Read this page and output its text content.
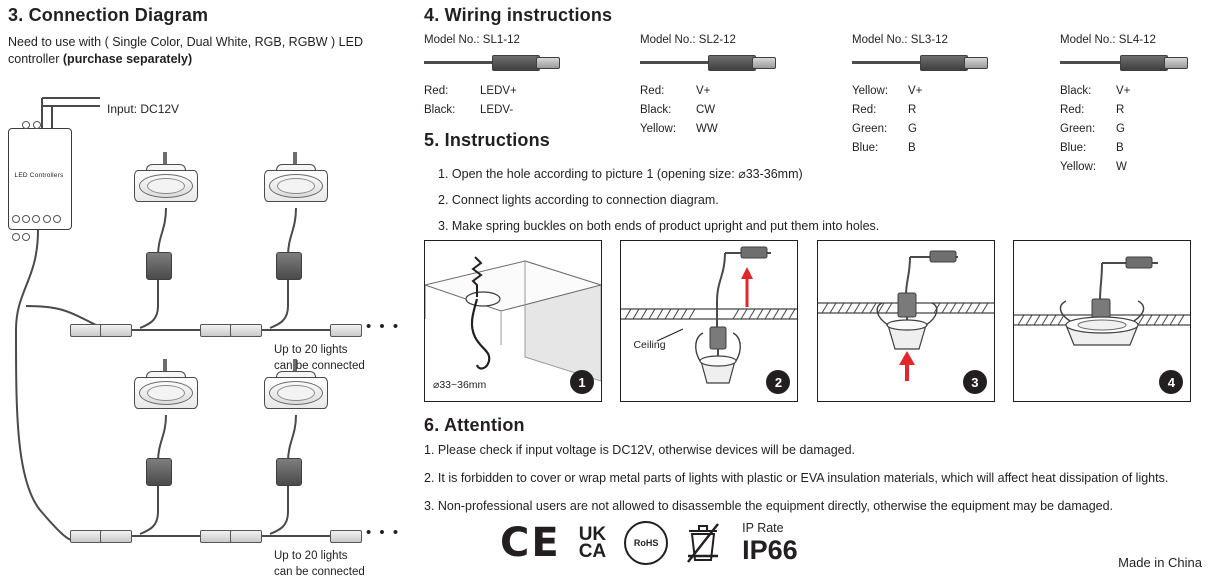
3. Connection Diagram
Need to use with ( Single Color, Dual White, RGB, RGBW ) LED controller (purchase separately)
LED Controllers
Input: DC12V
• • •
• • •
Up to 20 lights
can be connected
Up to 20 lights
can be connected
4. Wiring instructions
Model No.: SL1-12
Red:	LEDV+
Black: LEDV-
Model No.: SL2-12
Red:	V+
Black: CW
Yellow: WW
Model No.: SL3-12
Yellow: V+
Red:	R
Green: G
Blue:	B
Model No.: SL4-12
Black: V+
Red:	R
Green: G
Blue:	B
Yellow: W
5. Instructions
1. Open the hole according to picture 1 (opening size: ⌀33-36mm)
2. Connect lights according to connection diagram.
3. Make spring buckles on both ends of product upright and put them into holes.
⌀33~36mm	1

Ceiling
2
	3
	4
6. Attention
1. Please check if input voltage is DC12V, otherwise devices will be damaged.
2. It is forbidden to cover or wrap metal parts of lights with plastic or EVA insulation materials, which will affect heat dissipation of lights.
3. Non-professional users are not allowed to disassemble the equipment directly, otherwise the equipment may be damaged.
CE UK
CA	RoHS
IP Rate
IP66	Made in China
